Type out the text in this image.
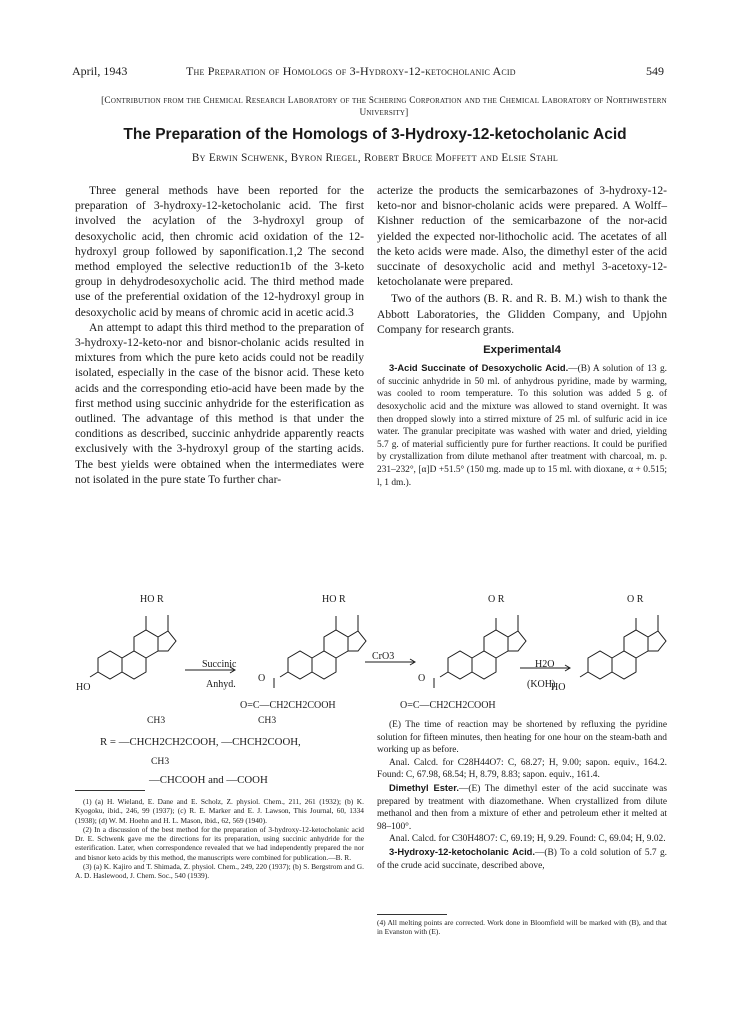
April, 1943	The Preparation of Homologs of 3-Hydroxy-12-ketocholanic Acid	549
[Contribution from the Chemical Research Laboratory of the Schering Corporation and the Chemical Laboratory of Northwestern University]
The Preparation of the Homologs of 3-Hydroxy-12-ketocholanic Acid
By Erwin Schwenk, Byron Riegel, Robert Bruce Moffett and Elsie Stahl

Three general methods have been reported for the preparation of 3-hydroxy-12-ketocholanic acid. The first involved the acylation of the 3-hydroxyl group of desoxycholic acid, then chromic acid oxidation of the 12-hydroxyl group followed by saponification.1,2 The second method employed the selective reduction1b of the 3-keto group in dehydrodesoxycholic acid. The third method made use of the preferential oxidation of the 12-hydroxyl group in desoxycholic acid by means of chromic acid in acetic acid.3

An attempt to adapt this third method to the preparation of 3-hydroxy-12-keto-nor and bisnor-cholanic acids resulted in mixtures from which the pure keto acids could not be readily isolated, especially in the case of the bisnor acid. These keto acids and the corresponding etio-acid have been made by the first method using succinic anhydride for the esterification as outlined. The advantage of this method is that under the conditions as described, succinic anhydride apparently reacts exclusively with the 3-hydroxyl group of the starting acids. The best yields were obtained when the intermediates were not isolated in the pure state To further char-

acterize the products the semicarbazones of 3-hydroxy-12-keto-nor and bisnor-cholanic acids were prepared. A Wolff–Kishner reduction of the semicarbazone of the nor-acid yielded the expected nor-lithocholic acid. The acetates of all the keto acids were made. Also, the dimethyl ester of the acid succinate of desoxycholic acid and methyl 3-acetoxy-12-ketocholanate were prepared.

Two of the authors (B. R. and R. B. M.) wish to thank the Abbott Laboratories, the Glidden Company, and Upjohn Company for research grants.

Experimental4

3-Acid Succinate of Desoxycholic Acid.—(B) A solution of 13 g. of succinic anhydride in 50 ml. of anhydrous pyridine, made by warming, was cooled to room temperature. To this solution was added 5 g. of desoxycholic acid and the mixture was allowed to stand overnight. It was then dropped slowly into a stirred mixture of 25 ml. of sulfuric acid in ice water. The granular precipitate was washed with water and dried, yielding 5.7 g. of material sufficiently pure for further reactions. It could be purified by crystallization from dilute methanol after treatment with charcoal, m. p. 231–232°, [α]D +51.5° (150 mg. made up to 15 ml. with dioxane, α + 0.515; l, 1 dm.).

HO R	HO R	O R	O R
HO	HO
Succinic
Anhyd.
CrO3
H2O
(KOH)
O	O
O=C—CH2CH2COOH	O=C—CH2CH2COOH
CH3	CH3
R = —CHCH2CH2COOH, —CHCH2COOH,
CH3
—CHCOOH and —COOH

(1) (a) H. Wieland, E. Dane and E. Scholz, Z. physiol. Chem., 211, 261 (1932); (b) K. Kyogoku, ibid., 246, 99 (1937); (c) R. E. Marker and E. J. Lawson, This Journal, 60, 1334 (1938); (d) W. M. Hoehn and H. L. Mason, ibid., 62, 569 (1940).

(2) In a discussion of the best method for the preparation of 3-hydroxy-12-ketocholanic acid Dr. E. Schwenk gave me the directions for its preparation, using succinic anhydride for the esterification. Later, when correspondence revealed that we had independently prepared the nor and bisnor keto acids by this method, the manuscripts were combined for publication.—B. R.

(3) (a) K. Kajiro and T. Shimada, Z. physiol. Chem., 249, 220 (1937); (b) S. Bergstrom and G. A. D. Haslewood, J. Chem. Soc., 540 (1939).

(E) The time of reaction may be shortened by refluxing the pyridine solution for fifteen minutes, then heating for one hour on the steam-bath and working up as before.

Anal. Calcd. for C28H44O7: C, 68.27; H, 9.00; sapon. equiv., 164.2. Found: C, 67.98, 68.54; H, 8.79, 8.83; sapon. equiv., 161.4.

Dimethyl Ester.—(E) The dimethyl ester of the acid succinate was prepared by treatment with diazomethane. When crystallized from dilute methanol and then from a mixture of ether and petroleum ether it melted at 98–100°.

Anal. Calcd. for C30H48O7: C, 69.19; H, 9.29. Found: C, 69.04; H, 9.02.

3-Hydroxy-12-ketocholanic Acid.—(B) To a cold solution of 5.7 g. of the crude acid succinate, described above,

(4) All melting points are corrected. Work done in Bloomfield will be marked with (B), and that in Evanston with (E).
